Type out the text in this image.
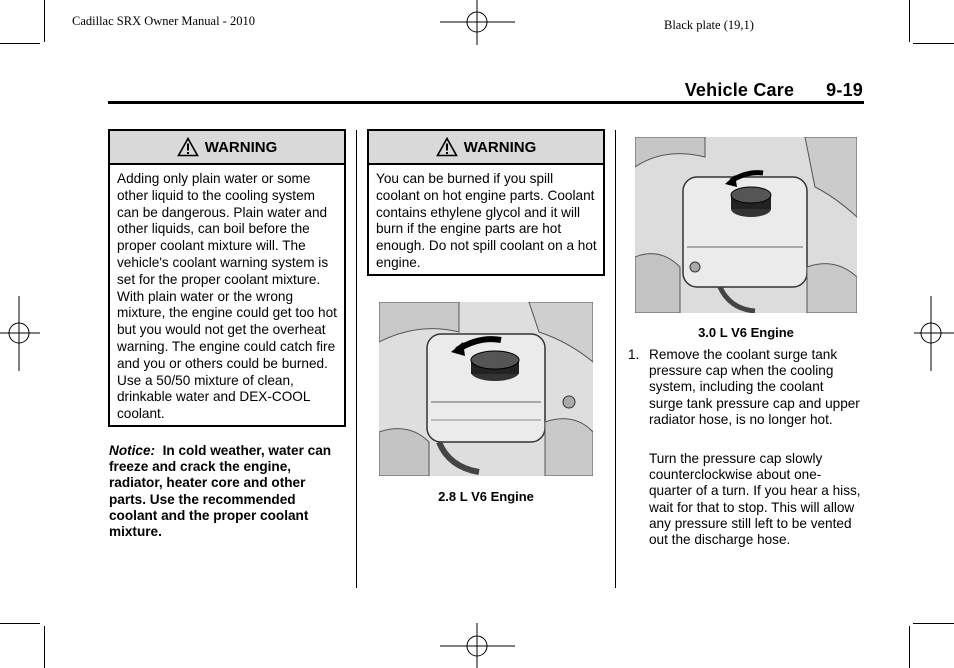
Cadillac SRX Owner Manual - 2010	Black plate (19,1)
Vehicle Care 9-19
WARNING
Adding only plain water or some other liquid to the cooling system can be dangerous. Plain water and other liquids, can boil before the proper coolant mixture will. The vehicle's coolant warning system is set for the proper coolant mixture. With plain water or the wrong mixture, the engine could get too hot but you would not get the overheat warning. The engine could catch fire and you or others could be burned. Use a 50/50 mixture of clean, drinkable water and DEX-COOL coolant.
Notice: In cold weather, water can freeze and crack the engine, radiator, heater core and other parts. Use the recommended coolant and the proper coolant mixture.
WARNING
You can be burned if you spill coolant on hot engine parts. Coolant contains ethylene glycol and it will burn if the engine parts are hot enough. Do not spill coolant on a hot engine.
2.8 L V6 Engine
3.0 L V6 Engine
1. Remove the coolant surge tank pressure cap when the cooling system, including the coolant surge tank pressure cap and upper radiator hose, is no longer hot.
Turn the pressure cap slowly counterclockwise about one-quarter of a turn. If you hear a hiss, wait for that to stop. This will allow any pressure still left to be vented out the discharge hose.
